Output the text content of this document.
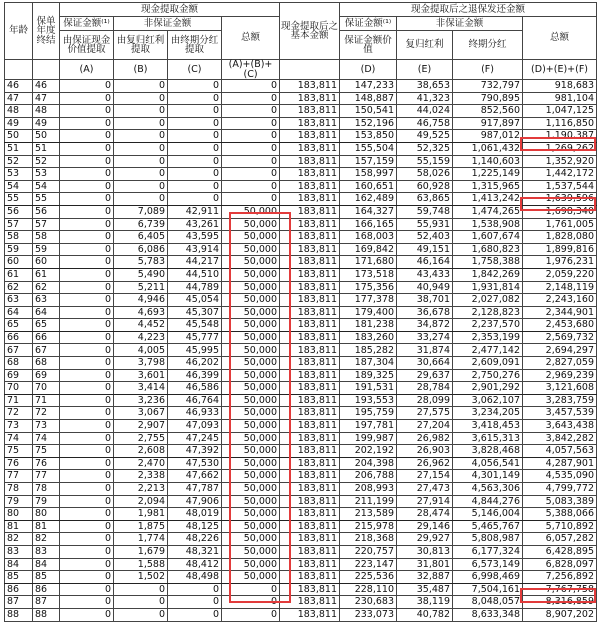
年龄	保单年度终结	现金提取金额				现金提取后之基本金额	现金提取后之退保发还金额			
		保证金额⁽¹⁾	非保证金额		总额		保证金额⁽¹⁾	非保证金额		总额
		由保证现金价值提取	由复归红利提取	由终期分红提取			保证金额价值	复归红利	终期分红	
		(A)	(B)	(C)	(A)+(B)+(C)		(D)	(E)	(F)	(D)+(E)+(F)
46	46	0	0	0	0	183,811	147,233	38,653	732,797	918,683
47	47	0	0	0	0	183,811	148,887	41,323	790,895	981,104
48	48	0	0	0	0	183,811	150,541	44,024	852,560	1,047,125
49	49	0	0	0	0	183,811	152,196	46,758	917,897	1,116,850
50	50	0	0	0	0	183,811	153,850	49,525	987,012	1,190,387
51	51	0	0	0	0	183,811	155,504	52,325	1,061,432	1,269,262
52	52	0	0	0	0	183,811	157,159	55,159	1,140,603	1,352,920
53	53	0	0	0	0	183,811	158,997	58,026	1,225,149	1,442,172
54	54	0	0	0	0	183,811	160,651	60,928	1,315,965	1,537,544
55	55	0	0	0	0	183,811	162,489	63,865	1,413,242	1,639,596
56	56	0	7,089	42,911	50,000	183,811	164,327	59,748	1,474,265	1,698,340
57	57	0	6,739	43,261	50,000	183,811	166,165	55,931	1,538,908	1,761,005
58	58	0	6,405	43,595	50,000	183,811	168,003	52,403	1,607,674	1,828,080
59	59	0	6,086	43,914	50,000	183,811	169,842	49,151	1,680,823	1,899,816
60	60	0	5,783	44,217	50,000	183,811	171,680	46,164	1,758,388	1,976,231
61	61	0	5,490	44,510	50,000	183,811	173,518	43,433	1,842,269	2,059,220
62	62	0	5,211	44,789	50,000	183,811	175,356	40,949	1,931,814	2,148,119
63	63	0	4,946	45,054	50,000	183,811	177,378	38,701	2,027,082	2,243,160
64	64	0	4,693	45,307	50,000	183,811	179,400	36,678	2,128,823	2,344,901
65	65	0	4,452	45,548	50,000	183,811	181,238	34,872	2,237,570	2,453,680
66	66	0	4,223	45,777	50,000	183,811	183,260	33,274	2,353,199	2,569,732
67	67	0	4,005	45,995	50,000	183,811	185,282	31,874	2,477,142	2,694,297
68	68	0	3,798	46,202	50,000	183,811	187,304	30,664	2,609,091	2,827,059
69	69	0	3,601	46,399	50,000	183,811	189,325	29,637	2,750,276	2,969,239
70	70	0	3,414	46,586	50,000	183,811	191,531	28,784	2,901,292	3,121,608
71	71	0	3,236	46,764	50,000	183,811	193,553	28,099	3,062,107	3,283,759
72	72	0	3,067	46,933	50,000	183,811	195,759	27,575	3,234,205	3,457,539
73	73	0	2,907	47,093	50,000	183,811	197,781	27,204	3,418,453	3,643,438
74	74	0	2,755	47,245	50,000	183,811	199,987	26,982	3,615,313	3,842,282
75	75	0	2,608	47,392	50,000	183,811	202,192	26,903	3,828,468	4,057,563
76	76	0	2,470	47,530	50,000	183,811	204,398	26,962	4,056,541	4,287,901
77	77	0	2,338	47,662	50,000	183,811	206,788	27,154	4,301,149	4,535,090
78	78	0	2,213	47,787	50,000	183,811	208,993	27,473	4,563,306	4,799,772
79	79	0	2,094	47,906	50,000	183,811	211,199	27,914	4,844,276	5,083,389
80	80	0	1,981	48,019	50,000	183,811	213,589	28,474	5,146,004	5,388,066
81	81	0	1,875	48,125	50,000	183,811	215,978	29,146	5,465,767	5,710,892
82	82	0	1,774	48,226	50,000	183,811	218,368	29,927	5,808,987	6,057,282
83	83	0	1,679	48,321	50,000	183,811	220,757	30,813	6,177,324	6,428,895
84	84	0	1,588	48,412	50,000	183,811	223,147	31,801	6,573,149	6,828,097
85	85	0	1,502	48,498	50,000	183,811	225,536	32,887	6,998,469	7,256,892
86	86	0	0	0	0	183,811	228,110	35,487	7,504,161	7,767,758
87	87	0	0	0	0	183,811	230,683	38,119	8,048,057	8,316,859
88	88	0	0	0	0	183,811	233,073	40,782	8,633,348	8,907,202
